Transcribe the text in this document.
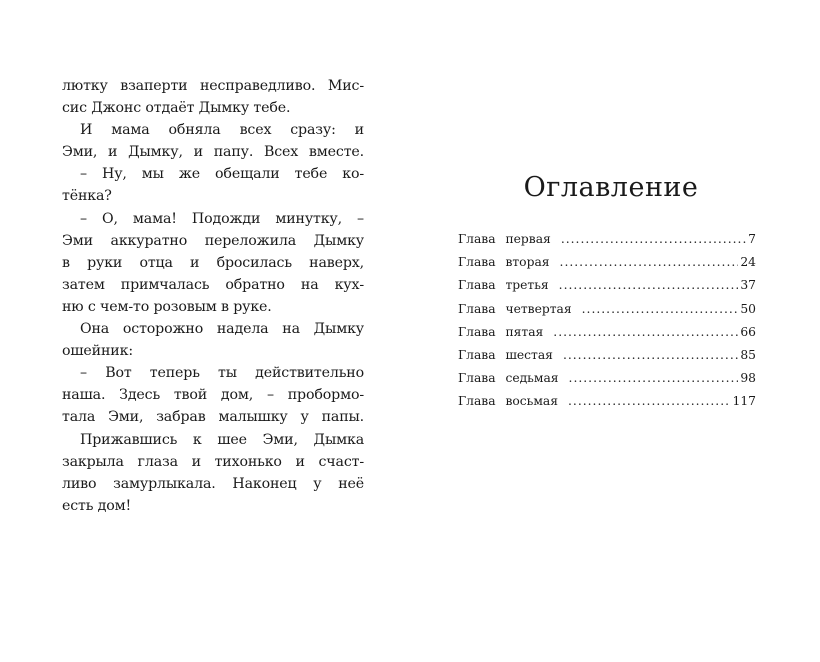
лютку взаперти несправедливо. Мис-
сис Джонс отдаёт Дымку тебе.
И мама обняла всех сразу: и
Эми, и Дымку, и папу. Всех вместе.
– Ну, мы же обещали тебе ко-
тёнка?
– О, мама! Подожди минутку, –
Эми аккуратно переложила Дымку
в руки отца и бросилась наверх,
затем примчалась обратно на кух-
ню с чем-то розовым в руке.
Она осторожно надела на Дымку
ошейник:
– Вот теперь ты действительно
наша. Здесь твой дом, – пробормо-
тала Эми, забрав малышку у папы.
Прижавшись к шее Эми, Дымка
закрыла глаза и тихонько и счаст-
ливо замурлыкала. Наконец у неё
есть дом!
Оглавление
Глава первая .....	7
Глава вторая .....	24
Глава третья .....	37
Глава четвертая .....	50
Глава пятая .....	66
Глава шестая .....	85
Глава седьмая .....	98
Глава восьмая .....	117
